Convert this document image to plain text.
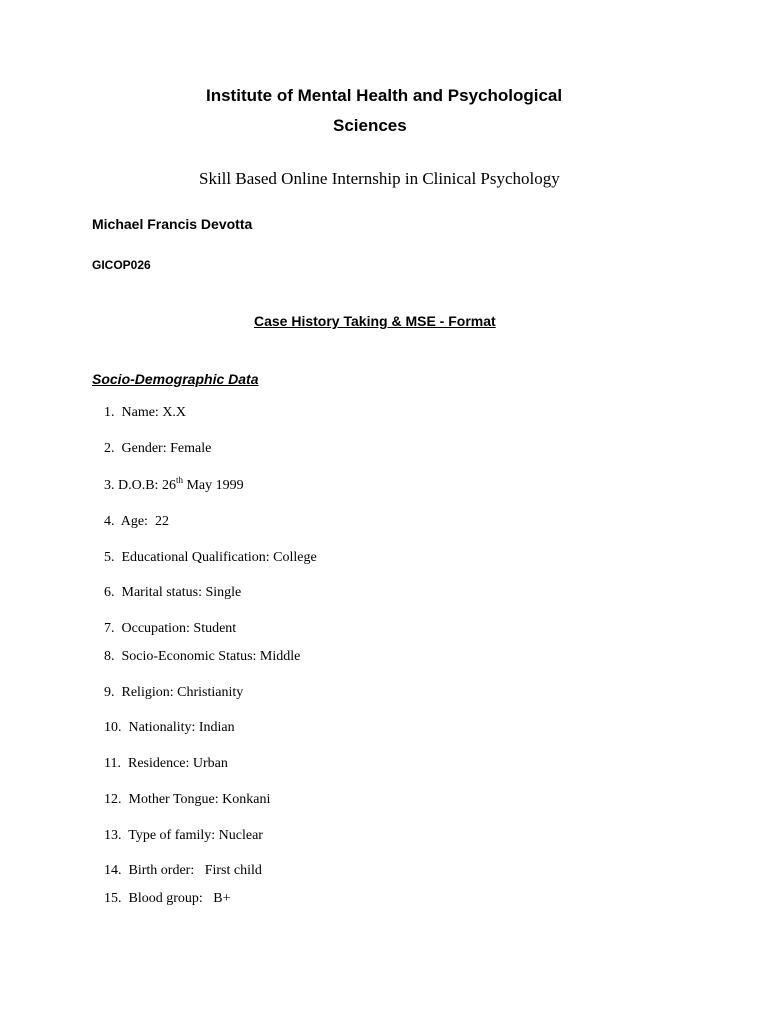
Institute of Mental Health and Psychological
Sciences
Skill Based Online Internship in Clinical Psychology
Michael Francis Devotta
GICOP026
Case History Taking & MSE - Format
Socio-Demographic Data
1. Name: X.X
2. Gender: Female
3. D.O.B: 26th May 1999
4. Age:  22
5. Educational Qualification: College
6. Marital status: Single
7. Occupation: Student
8. Socio-Economic Status: Middle
9. Religion: Christianity
10. Nationality: Indian
11. Residence: Urban
12. Mother Tongue: Konkani
13. Type of family: Nuclear
14. Birth order:   First child
15. Blood group:   B+
